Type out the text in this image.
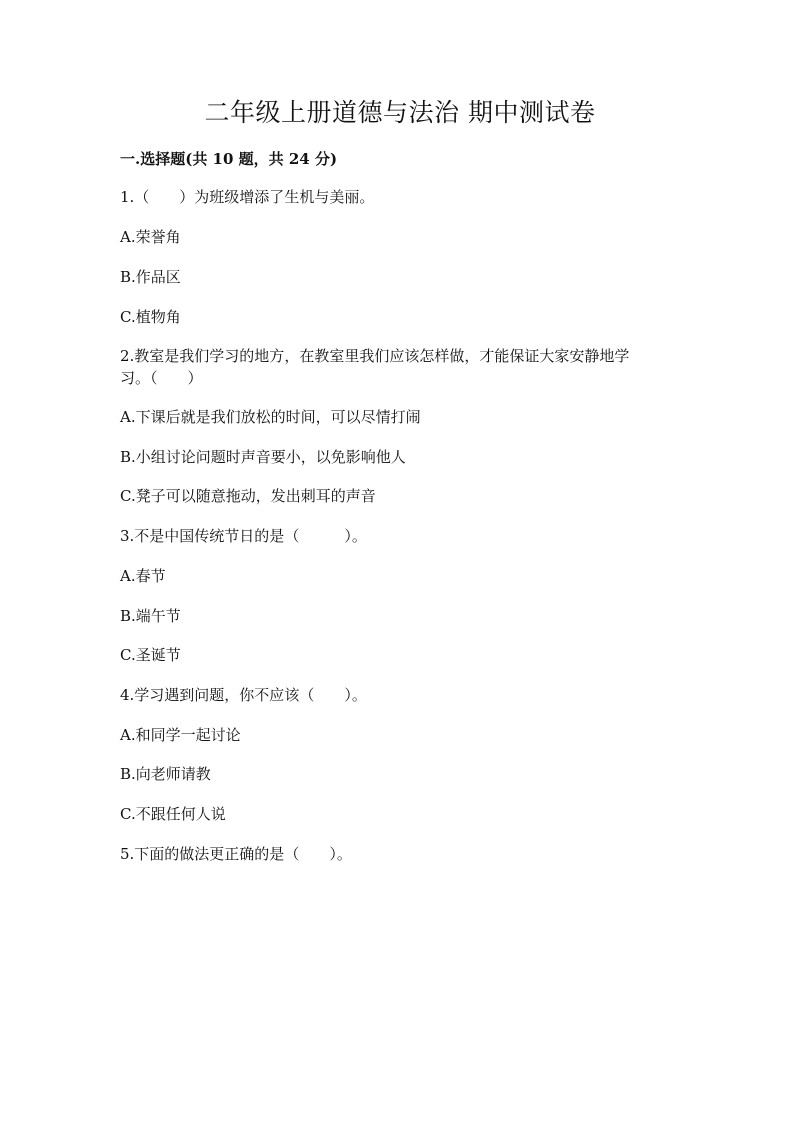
二年级上册道德与法治 期中测试卷
一.选择题(共 10 题，共 24 分)
1.（　　）为班级增添了生机与美丽。
A.荣誉角
B.作品区
C.植物角
2.教室是我们学习的地方，在教室里我们应该怎样做，才能保证大家安静地学
习。（　　）
A.下课后就是我们放松的时间，可以尽情打闹
B.小组讨论问题时声音要小，以免影响他人
C.凳子可以随意拖动，发出刺耳的声音
3.不是中国传统节日的是（　　　）。
A.春节
B.端午节
C.圣诞节
4.学习遇到问题，你不应该（　　）。
A.和同学一起讨论
B.向老师请教
C.不跟任何人说
5.下面的做法更正确的是（　　）。
